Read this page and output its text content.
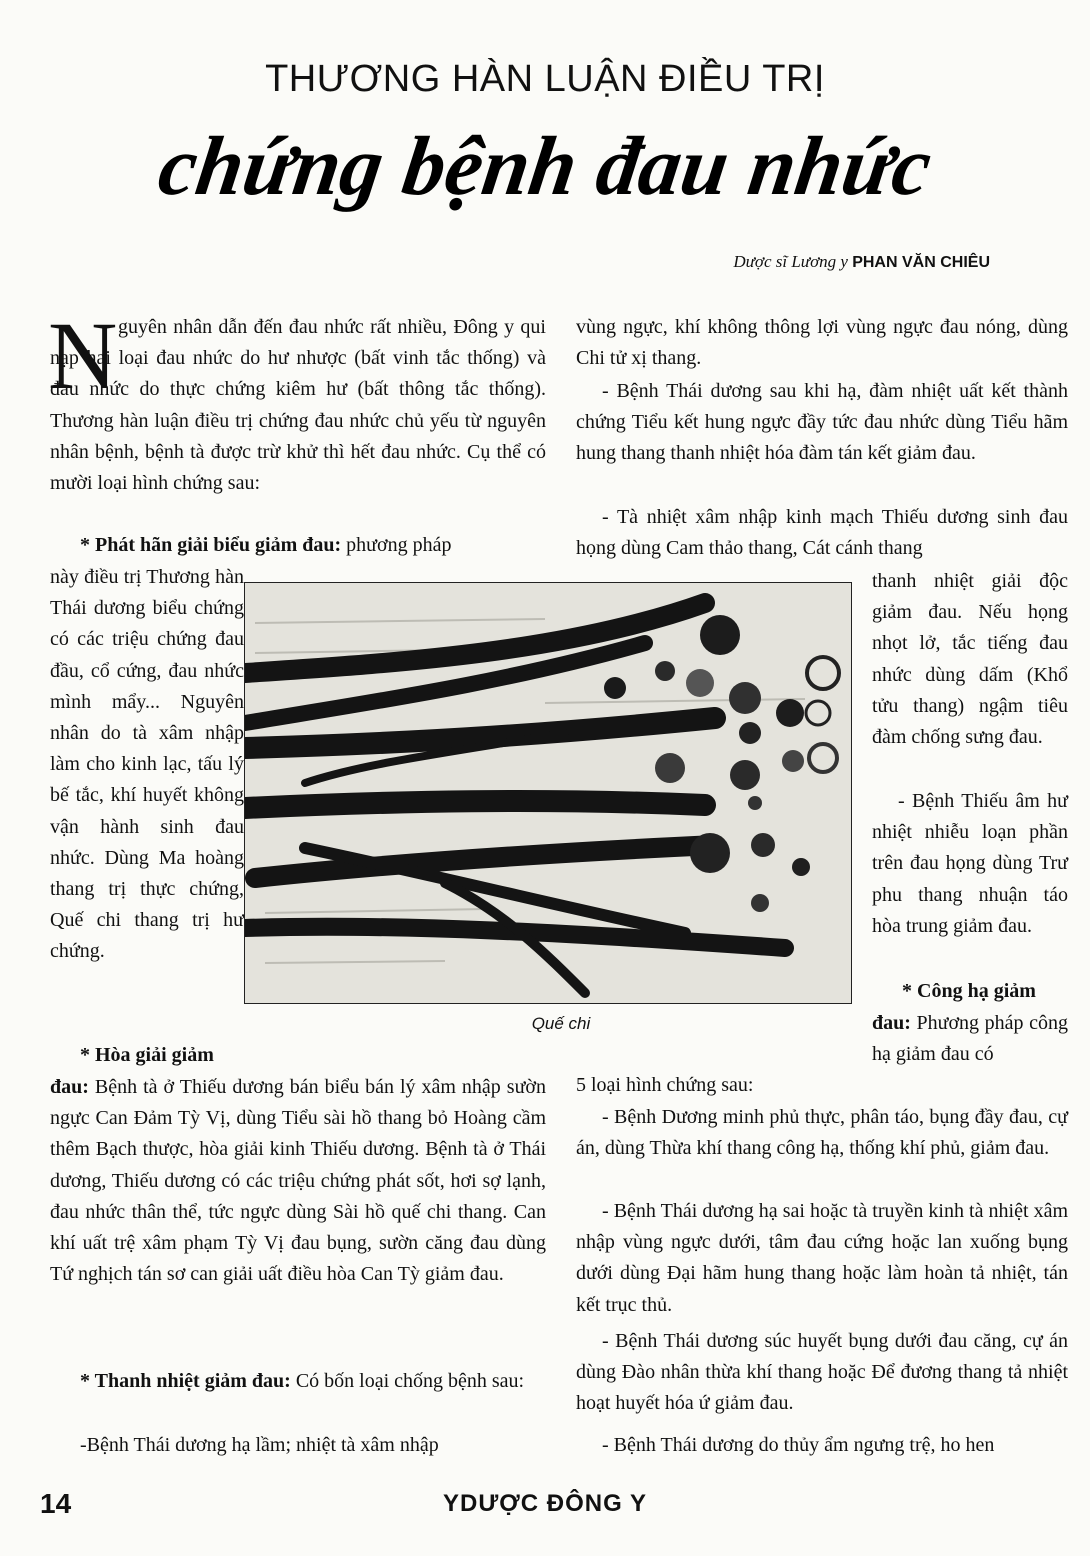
THƯƠNG HÀN LUẬN ĐIỀU TRỊ
chứng bệnh đau nhức
Dược sĩ Lương y PHAN VĂN CHIÊU
N guyên nhân dẫn đến đau nhức rất nhiều, Đông y qui nạp hai loại đau nhức do hư nhược (bất vinh tắc thống) và đau nhức do thực chứng kiêm hư (bất thông tắc thống). Thương hàn luận điều trị chứng đau nhức chủ yếu từ nguyên nhân bệnh, bệnh tà được trừ khử thì hết đau nhức. Cụ thể có mười loại hình chứng sau:

* Phát hãn giải biểu giảm đau: phương pháp

này điều trị Thương hàn Thái dương biểu chứng có các triệu chứng đau đầu, cổ cứng, đau nhức mình mẩy... Nguyên nhân do tà xâm nhập làm cho kinh lạc, tấu lý bế tắc, khí huyết không vận hành sinh đau nhức. Dùng Ma hoàng thang trị thực chứng, Quế chi thang trị hư chứng.

* Hòa giải giảm

đau: Bệnh tà ở Thiếu dương bán biểu bán lý xâm nhập sườn ngực Can Đảm Tỳ Vị, dùng Tiểu sài hồ thang bỏ Hoàng cầm thêm Bạch thược, hòa giải kinh Thiếu dương. Bệnh tà ở Thái dương, Thiếu dương có các triệu chứng phát sốt, hơi sợ lạnh, đau nhức thân thể, tức ngực dùng Sài hồ quế chi thang. Can khí uất trệ xâm phạm Tỳ Vị đau bụng, sườn căng đau dùng Tứ nghịch tán sơ can giải uất điều hòa Can Tỳ giảm đau.

* Thanh nhiệt giảm đau: Có bốn loại chống bệnh sau:

-Bệnh Thái dương hạ lầm; nhiệt tà xâm nhập

vùng ngực, khí không thông lợi vùng ngực đau nóng, dùng Chi tử xị thang.

- Bệnh Thái dương sau khi hạ, đàm nhiệt uất kết thành chứng Tiểu kết hung ngực đầy tức đau nhức dùng Tiểu hãm hung thang thanh nhiệt hóa đàm tán kết giảm đau.

- Tà nhiệt xâm nhập kinh mạch Thiếu dương sinh đau họng dùng Cam thảo thang, Cát cánh thang

thanh nhiệt giải độc giảm đau. Nếu họng nhọt lở, tắc tiếng đau nhức dùng dấm (Khổ tửu thang) ngậm tiêu đàm chống sưng đau.

- Bệnh Thiếu âm hư nhiệt nhiễu loạn phần trên đau họng dùng Trư phu thang nhuận táo hòa trung giảm đau.

* Công hạ giảm

đau: Phương pháp công hạ giảm đau có

5 loại hình chứng sau:

- Bệnh Dương minh phủ thực, phân táo, bụng đầy đau, cự án, dùng Thừa khí thang công hạ, thống khí phủ, giảm đau.

- Bệnh Thái dương hạ sai hoặc tà truyền kinh tà nhiệt xâm nhập vùng ngực dưới, tâm đau cứng hoặc lan xuống bụng dưới dùng Đại hãm hung thang hoặc làm hoàn tả nhiệt, tán kết trục thủ.

- Bệnh Thái dương súc huyết bụng dưới đau căng, cự án dùng Đào nhân thừa khí thang hoặc Để đương thang tả nhiệt hoạt huyết hóa ứ giảm đau.

- Bệnh Thái dương do thủy ẩm ngưng trệ, ho hen

Quế chi
14	YDƯỢC ĐÔNG Y
